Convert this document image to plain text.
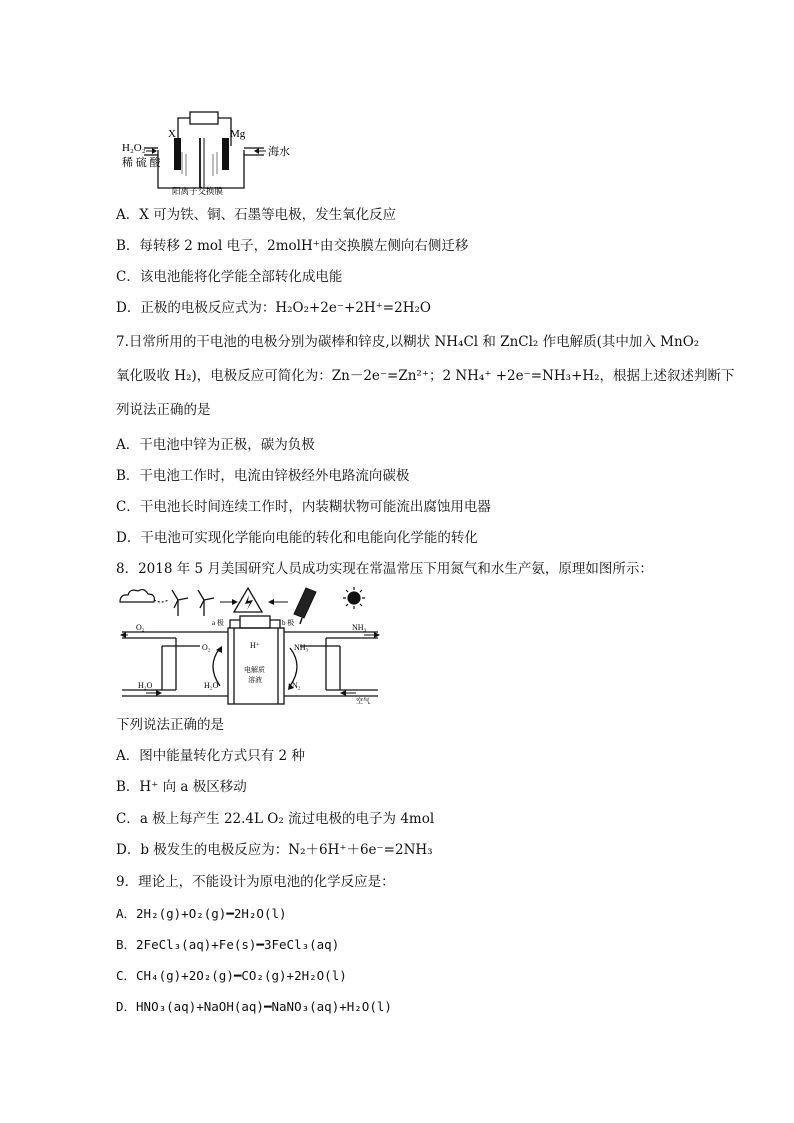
H₂O₂
稀 硫 酸
X	Mg
海水
阳离子交换膜
A．X 可为铁、铜、石墨等电极，发生氧化反应
B．每转移 2 mol 电子，2molH⁺由交换膜左侧向右侧迁移
C．该电池能将化学能全部转化成电能
D．正极的电极反应式为：H₂O₂+2e⁻+2H⁺=2H₂O
7.日常所用的干电池的电极分别为碳棒和锌皮,以糊状 NH₄Cl 和 ZnCl₂ 作电解质(其中加入 MnO₂
氧化吸收 H₂)，电极反应可简化为：Zn－2e⁻=Zn²⁺；2 NH₄⁺ +2e⁻=NH₃+H₂，根据上述叙述判断下
列说法正确的是
A．干电池中锌为正极，碳为负极
B．干电池工作时，电流由锌极经外电路流向碳极
C．干电池长时间连续工作时，内装糊状物可能流出腐蚀用电器
D．干电池可实现化学能向电能的转化和电能向化学能的转化
8．2018 年 5 月美国研究人员成功实现在常温常压下用氮气和水生产氨，原理如图所示：
a 极	b 极
O₂	NH₃
O₂	H⁺	NH₃
电解质
溶液
H₂O	H₂O	N₂
空气
下列说法正确的是
A．图中能量转化方式只有 2 种
B．H⁺ 向 a 极区移动
C．a 极上每产生 22.4L O₂ 流过电极的电子为 4mol
D．b 极发生的电极反应为：N₂＋6H⁺＋6e⁻=2NH₃
9．理论上，不能设计为原电池的化学反应是：
A．2H₂(g)+O₂(g)━2H₂O(l)
B．2FeCl₃(aq)+Fe(s)━3FeCl₃(aq)
C．CH₄(g)+2O₂(g)━CO₂(g)+2H₂O(l)
D．HNO₃(aq)+NaOH(aq)━NaNO₃(aq)+H₂O(l)
